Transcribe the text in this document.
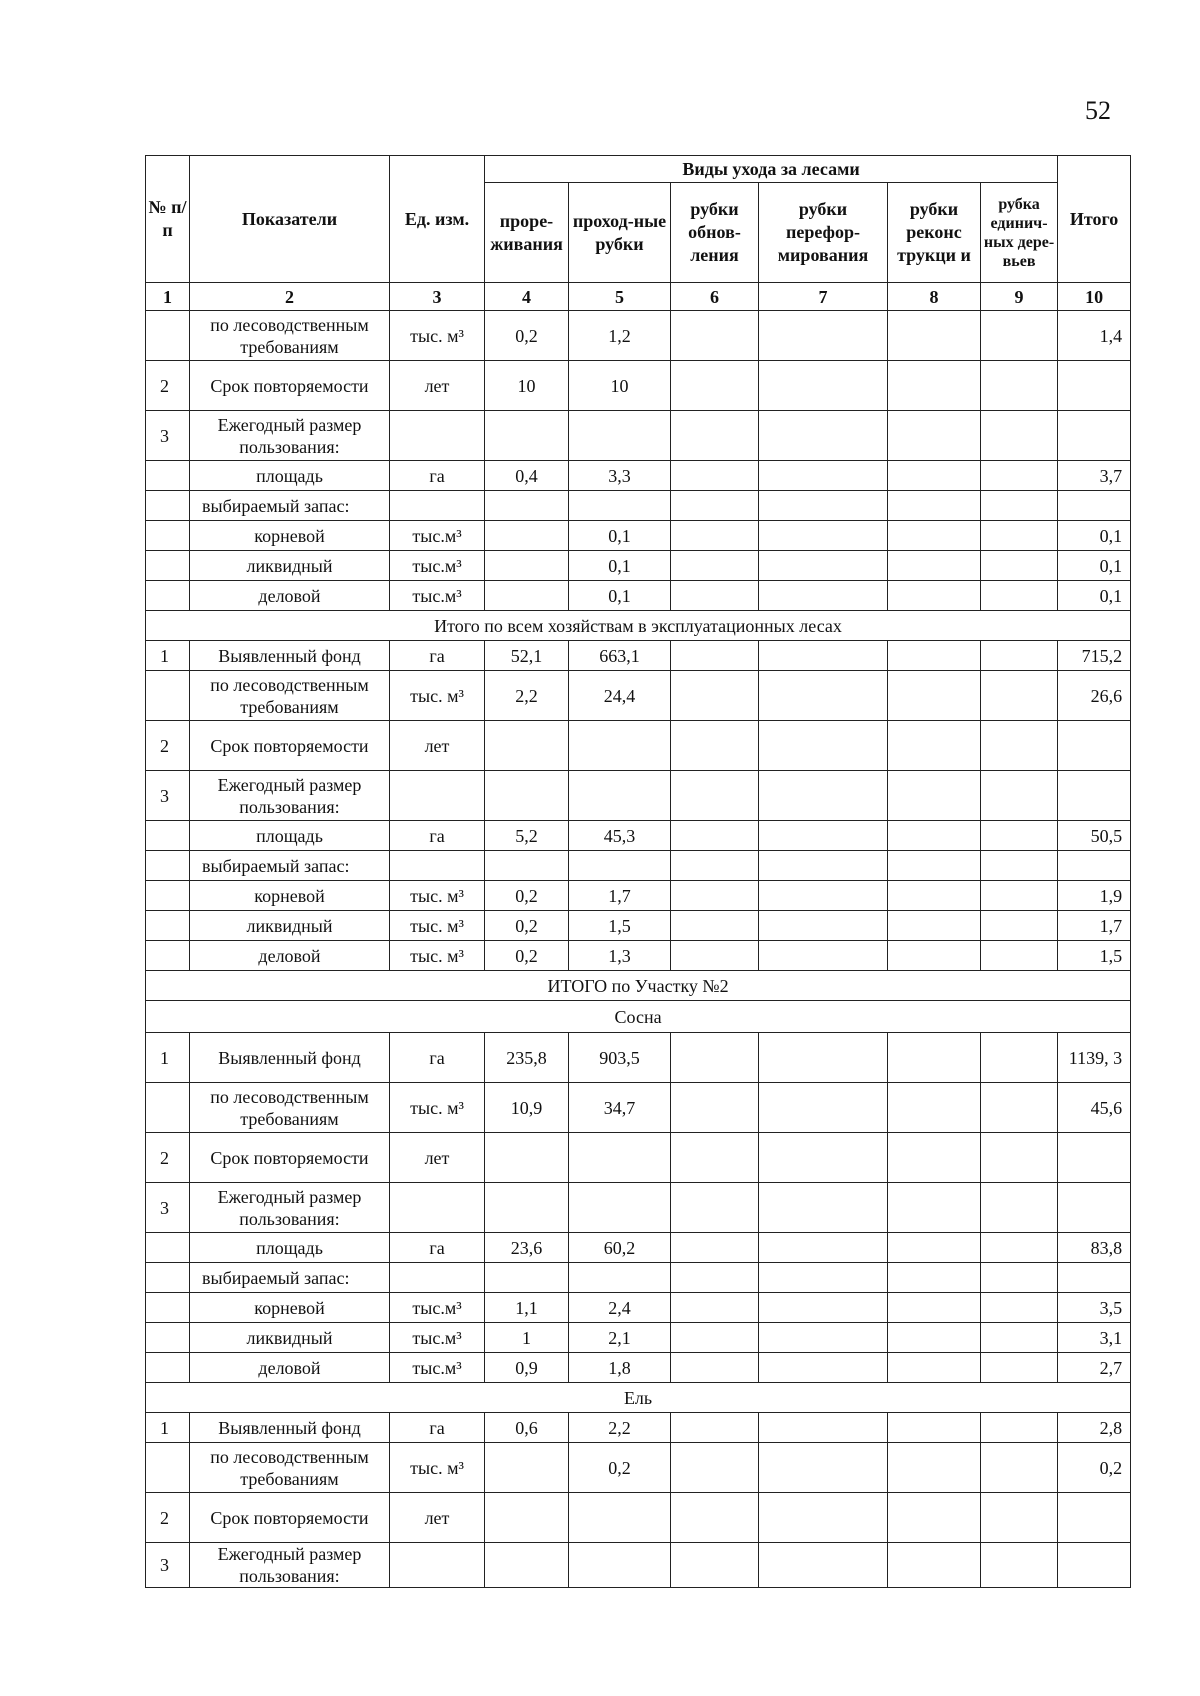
52
№ п/ п	Показатели	Ед. изм.	Виды ухода за лесами						Итого
			проре-живания	проход-ные рубки	рубки обнов-ления	рубки перефор-мирования	рубки реконс трукци и	рубка единич-ных дере-вьев	
1	2	3	4	5	6	7	8	9	10
	по лесоводственным требованиям	тыс. м³	0,2	1,2					1,4
2	Срок повторяемости	лет	10	10					
3	Ежегодный размер пользования:								
	площадь	га	0,4	3,3					3,7
	выбираемый запас:								
	корневой	тыс.м³		0,1					0,1
	ликвидный	тыс.м³		0,1					0,1
	деловой	тыс.м³		0,1					0,1
Итого по всем хозяйствам в эксплуатационных лесах									
1	Выявленный фонд	га	52,1	663,1					715,2
	по лесоводственным требованиям	тыс. м³	2,2	24,4					26,6
2	Срок повторяемости	лет							
3	Ежегодный размер пользования:								
	площадь	га	5,2	45,3					50,5
	выбираемый запас:								
	корневой	тыс. м³	0,2	1,7					1,9
	ликвидный	тыс. м³	0,2	1,5					1,7
	деловой	тыс. м³	0,2	1,3					1,5
ИТОГО по Участку №2									
Сосна									
1	Выявленный фонд	га	235,8	903,5					1139, 3
	по лесоводственным требованиям	тыс. м³	10,9	34,7					45,6
2	Срок повторяемости	лет							
3	Ежегодный размер пользования:								
	площадь	га	23,6	60,2					83,8
	выбираемый запас:								
	корневой	тыс.м³	1,1	2,4					3,5
	ликвидный	тыс.м³	1	2,1					3,1
	деловой	тыс.м³	0,9	1,8					2,7
Ель									
1	Выявленный фонд	га	0,6	2,2					2,8
	по лесоводственным требованиям	тыс. м³		0,2					0,2
2	Срок повторяемости	лет							
3	Ежегодный размер пользования:								
